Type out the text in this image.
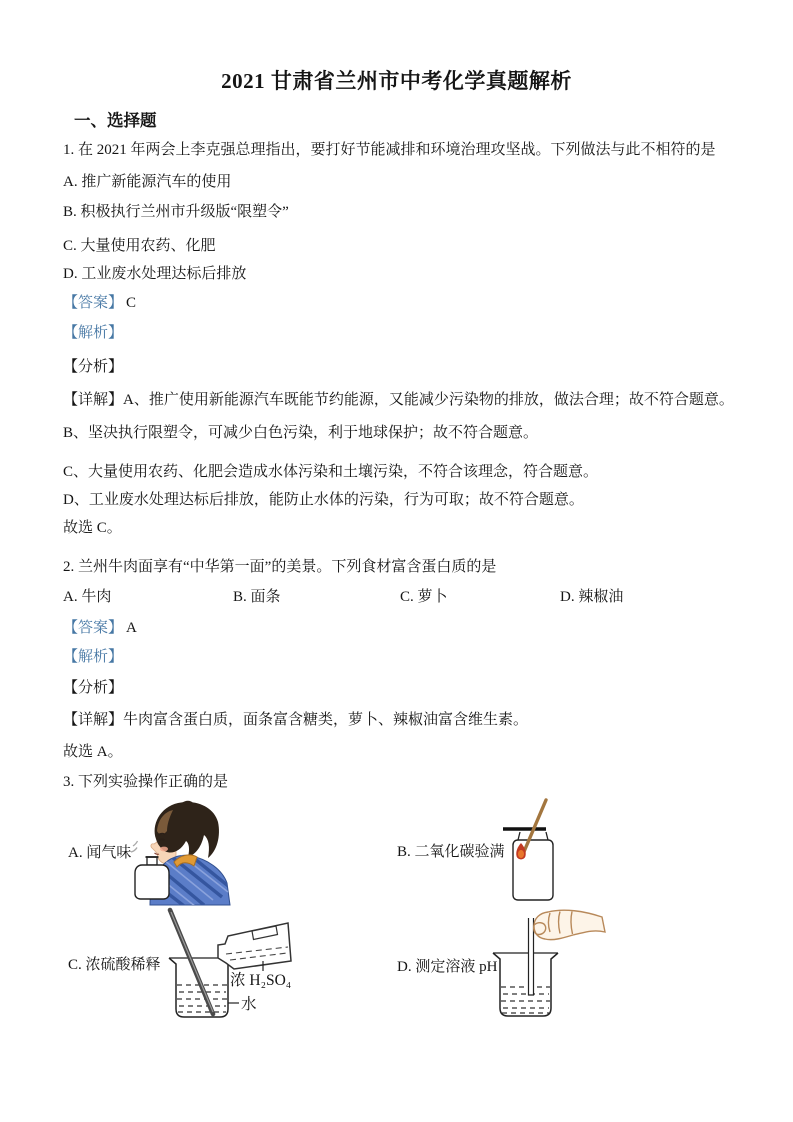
2021 甘肃省兰州市中考化学真题解析
一、选择题
1. 在 2021 年两会上李克强总理指出，要打好节能减排和环境治理攻坚战。下列做法与此不相符的是
A. 推广新能源汽车的使用
B. 积极执行兰州市升级版“限塑令”
C. 大量使用农药、化肥
D. 工业废水处理达标后排放
【答案】 C
【解析】
【分析】
【详解】A、推广使用新能源汽车既能节约能源，又能减少污染物的排放，做法合理；故不符合题意。
B、坚决执行限塑令，可减少白色污染，利于地球保护；故不符合题意。
C、大量使用农药、化肥会造成水体污染和土壤污染，不符合该理念，符合题意。
D、工业废水处理达标后排放，能防止水体的污染，行为可取；故不符合题意。
故选 C。
2. 兰州牛肉面享有“中华第一面”的美景。下列食材富含蛋白质的是
A. 牛肉	B. 面条	C. 萝卜	D. 辣椒油
【答案】 A
【解析】
【分析】
【详解】牛肉富含蛋白质，面条富含糖类，萝卜、辣椒油富含维生素。
故选 A。
3. 下列实验操作正确的是
A. 闻气味	B. 二氧化碳验满
C. 浓硫酸稀释	D. 测定溶液 pH
浓 H₂SO₄
水
